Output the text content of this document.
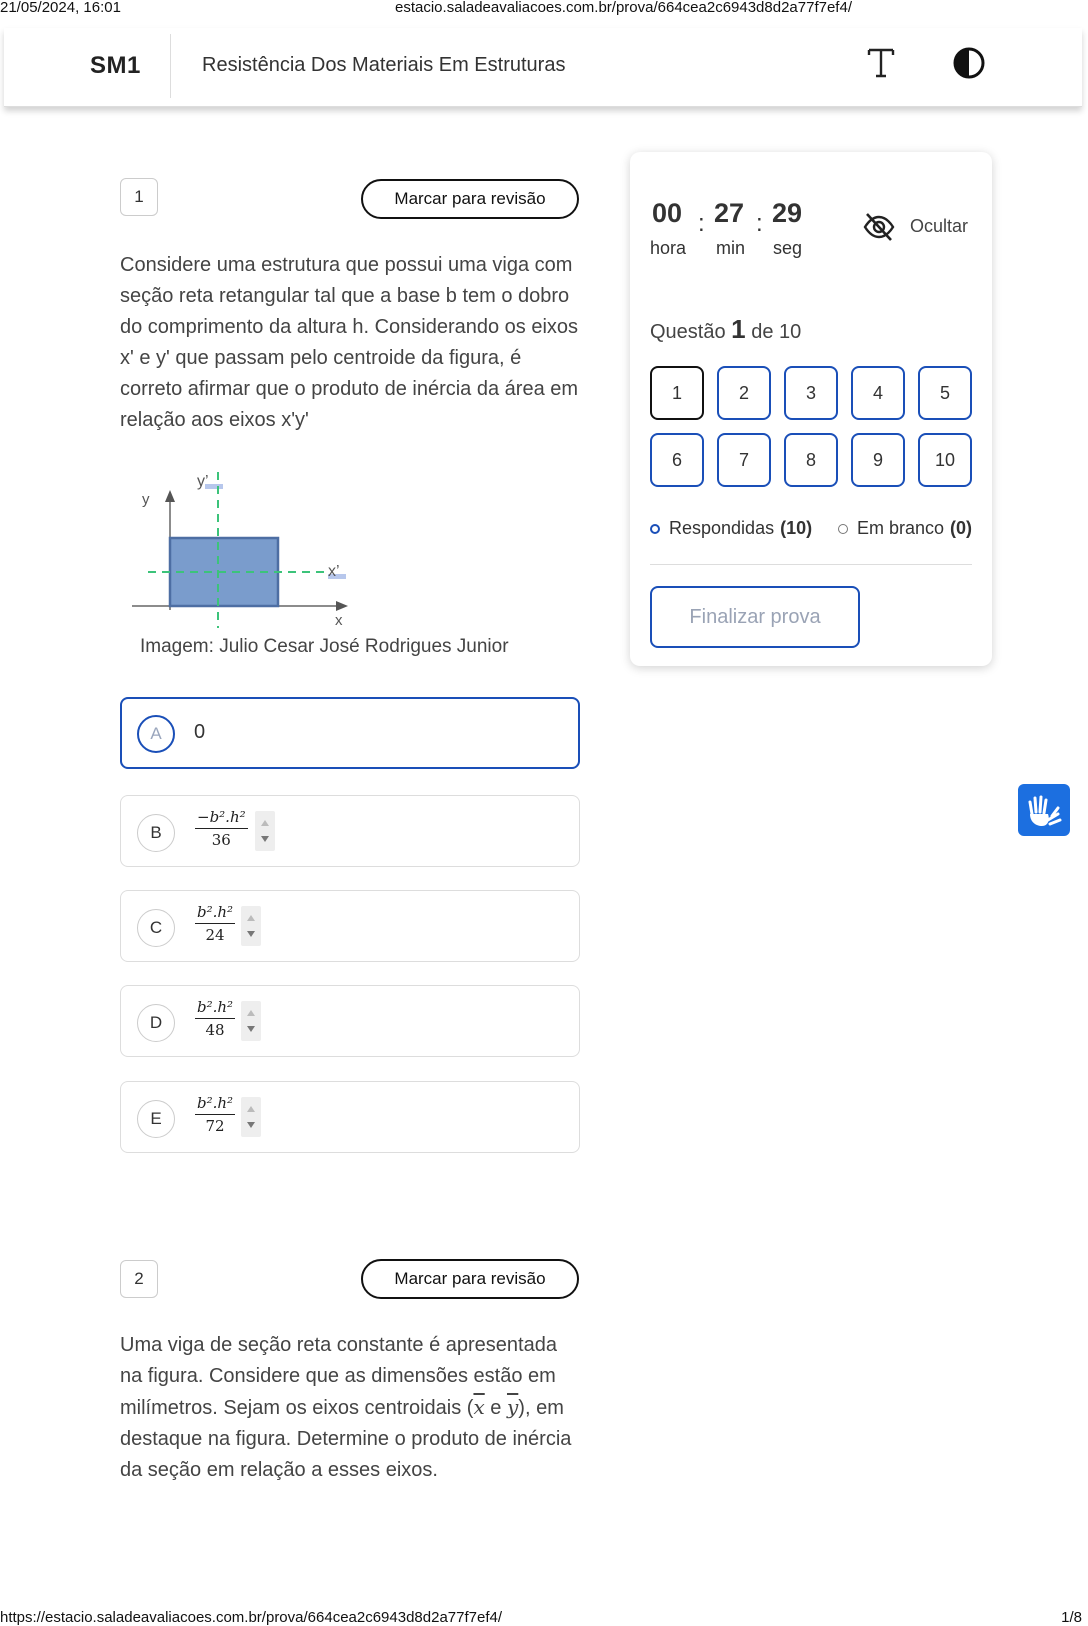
21/05/2024, 16:01	estacio.saladeavaliacoes.com.br/prova/664cea2c6943d8d2a77f7ef4/
SM1	Resistência Dos Materiais Em Estruturas
1	Marcar para revisão
Considere uma estrutura que possui uma viga com seção reta retangular tal que a base b tem o dobro do comprimento da altura h. Considerando os eixos x' e y' que passam pelo centroide da figura, é correto afirmar que o produto de inércia da área em relação aos eixos x'y'
y
x
y’
x’
Imagem: Julio Cesar José Rodrigues Junior
A	0
B
−b².h²
36
C
b².h²
24
D
b².h²
48
E
b².h²
72
2	Marcar para revisão
Uma viga de seção reta constante é apresentada na figura. Considere que as dimensões estão em milímetros. Sejam os eixos centroidais ($\overline{x}$ e $\overline{y}$), em destaque na figura. Determine o produto de inércia da seção em relação a esses eixos.
00 : 27 : 29
hora min seg
Ocultar
Questão 1 de 10
1	2	3	4	5
6	7	8	9	10
Respondidas (10) Em branco (0)
Finalizar prova
https://estacio.saladeavaliacoes.com.br/prova/664cea2c6943d8d2a77f7ef4/	1/8
